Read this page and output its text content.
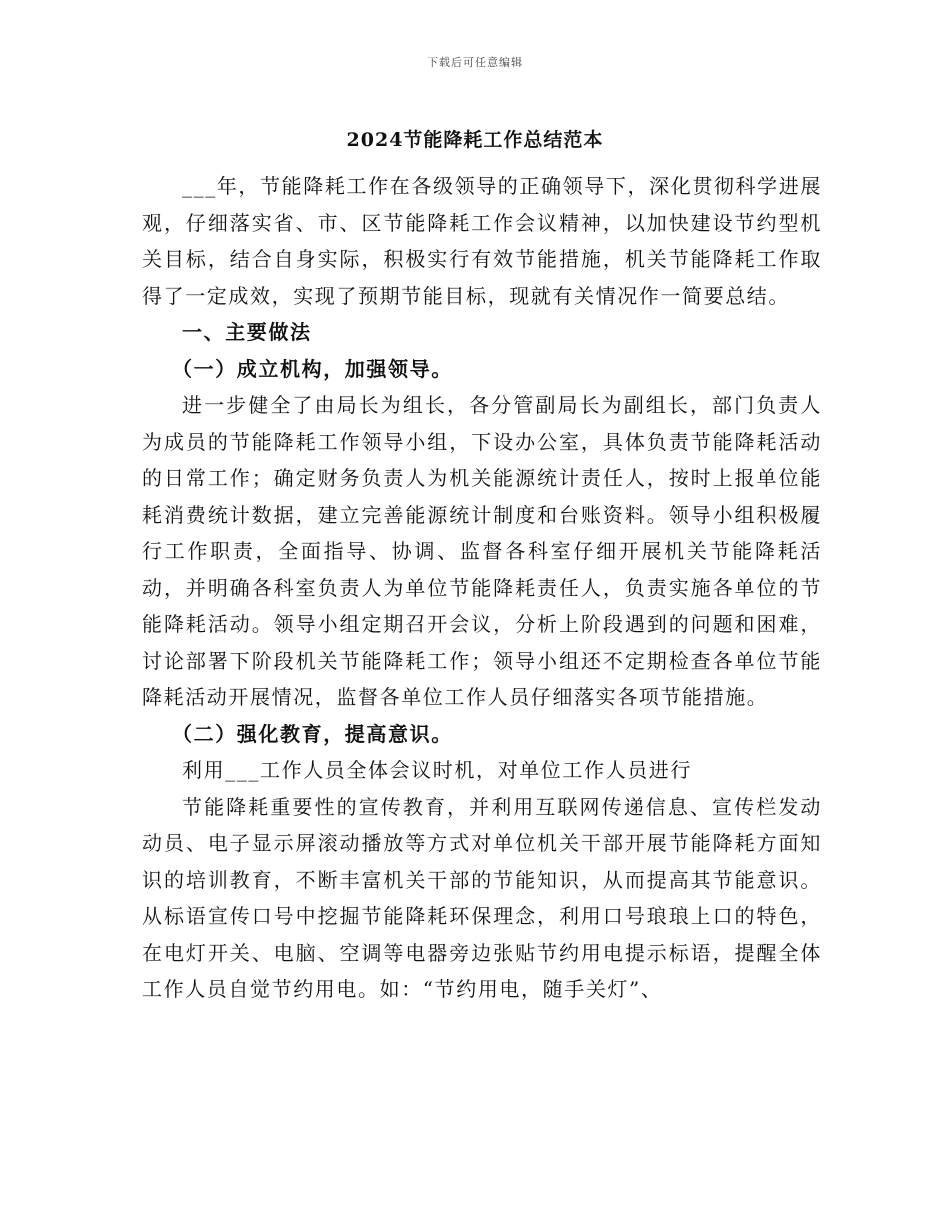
下载后可任意编辑
2024节能降耗工作总结范本

___年，节能降耗工作在各级领导的正确领导下，深化贯彻科学进展观，仔细落实省、市、区节能降耗工作会议精神，以加快建设节约型机关目标，结合自身实际，积极实行有效节能措施，机关节能降耗工作取得了一定成效，实现了预期节能目标，现就有关情况作一简要总结。

一、主要做法

（一）成立机构，加强领导。

进一步健全了由局长为组长，各分管副局长为副组长，部门负责人为成员的节能降耗工作领导小组，下设办公室，具体负责节能降耗活动的日常工作；确定财务负责人为机关能源统计责任人，按时上报单位能耗消费统计数据，建立完善能源统计制度和台账资料。领导小组积极履行工作职责，全面指导、协调、监督各科室仔细开展机关节能降耗活动，并明确各科室负责人为单位节能降耗责任人，负责实施各单位的节能降耗活动。领导小组定期召开会议，分析上阶段遇到的问题和困难，讨论部署下阶段机关节能降耗工作；领导小组还不定期检查各单位节能降耗活动开展情况，监督各单位工作人员仔细落实各项节能措施。

（二）强化教育，提高意识。

利用___工作人员全体会议时机，对单位工作人员进行

节能降耗重要性的宣传教育，并利用互联网传递信息、宣传栏发动动员、电子显示屏滚动播放等方式对单位机关干部开展节能降耗方面知识的培训教育，不断丰富机关干部的节能知识，从而提高其节能意识。从标语宣传口号中挖掘节能降耗环保理念，利用口号琅琅上口的特色，在电灯开关、电脑、空调等电器旁边张贴节约用电提示标语，提醒全体工作人员自觉节约用电。如：“节约用电，随手关灯”、
